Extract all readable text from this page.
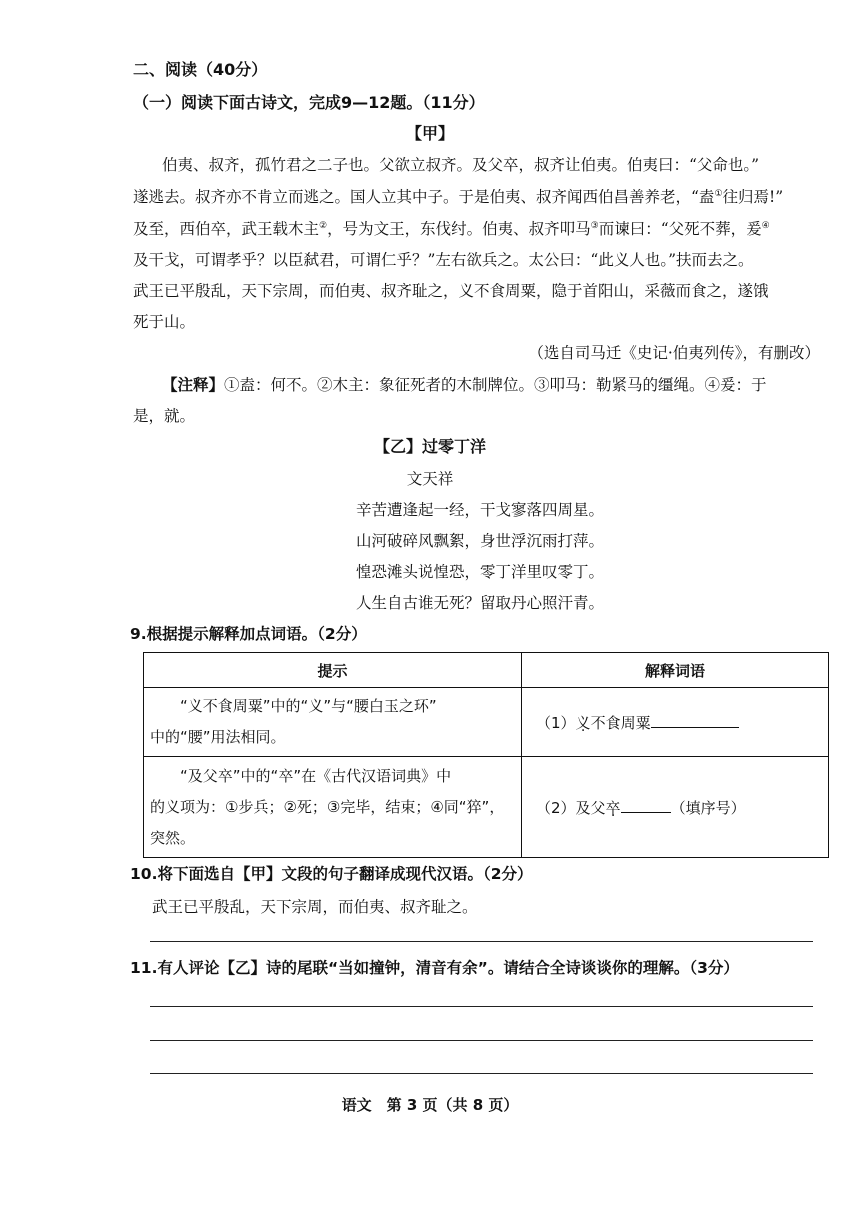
二、阅读（40分）
（一）阅读下面古诗文，完成9—12题。（11分）
【甲】
伯夷、叔齐，孤竹君之二子也。父欲立叔齐。及父卒，叔齐让伯夷。伯夷曰：“父命也。”
遂逃去。叔齐亦不肯立而逃之。国人立其中子。于是伯夷、叔齐闻西伯昌善养老，“盍①往归焉!”
及至，西伯卒，武王载木主②，号为文王，东伐纣。伯夷、叔齐叩马③而谏曰：“父死不葬，爰④
及干戈，可谓孝乎？以臣弑君，可谓仁乎？”左右欲兵之。太公曰：“此义人也。”扶而去之。
武王已平殷乱，天下宗周，而伯夷、叔齐耻之，义不食周粟，隐于首阳山，采薇而食之，遂饿
死于山。
（选自司马迁《史记·伯夷列传》，有删改）
【注释】①盍：何不。②木主：象征死者的木制牌位。③叩马：勒紧马的缰绳。④爰：于
是，就。
【乙】过零丁洋
文天祥
辛苦遭逢起一经，干戈寥落四周星。
山河破碎风飘絮，身世浮沉雨打萍。
惶恐滩头说惶恐，零丁洋里叹零丁。
人生自古谁无死？留取丹心照汗青。
9.根据提示解释加点词语。（2分）
提示	解释词语

“义不食周粟”中的“义”与“腰白玉之环”
中的“腰”用法相同。	（1）义不食周粟

“及父卒”中的“卒”在《古代汉语词典》中
的义项为：①步兵；②死；③完毕，结束；④同“猝”，
突然。	（2）及父卒 （填序号）
10.将下面选自【甲】文段的句子翻译成现代汉语。（2分）
武王已平殷乱，天下宗周，而伯夷、叔齐耻之。
11.有人评论【乙】诗的尾联“当如撞钟，清音有余”。请结合全诗谈谈你的理解。（3分）
语文　第 3 页（共 8 页）
